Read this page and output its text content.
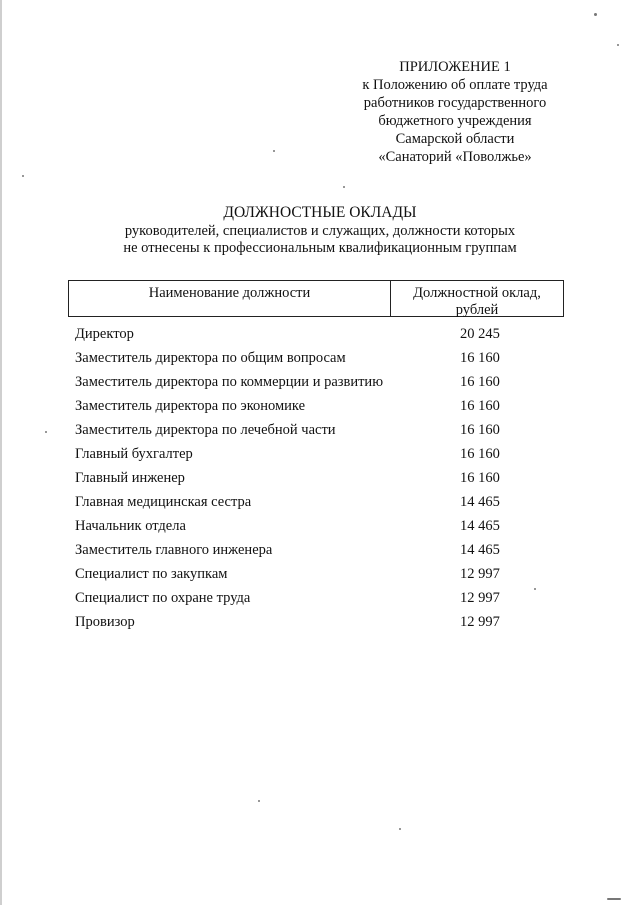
ПРИЛОЖЕНИЕ 1
к Положению об оплате труда
работников государственного
бюджетного учреждения
Самарской области
«Санаторий «Поволжье»
ДОЛЖНОСТНЫЕ ОКЛАДЫ
руководителей, специалистов и служащих, должности которых
не отнесены к профессиональным квалификационным группам
Наименование должности	Должностной оклад,
рублей
Директор	20 245
Заместитель директора по общим вопросам	16 160
Заместитель директора по коммерции и развитию	16 160
Заместитель директора по экономике	16 160
Заместитель директора по лечебной части	16 160
Главный бухгалтер	16 160
Главный инженер	16 160
Главная медицинская сестра	14 465
Начальник отдела	14 465
Заместитель главного инженера	14 465
Специалист по закупкам	12 997
Специалист по охране труда	12 997
Провизор	12 997
